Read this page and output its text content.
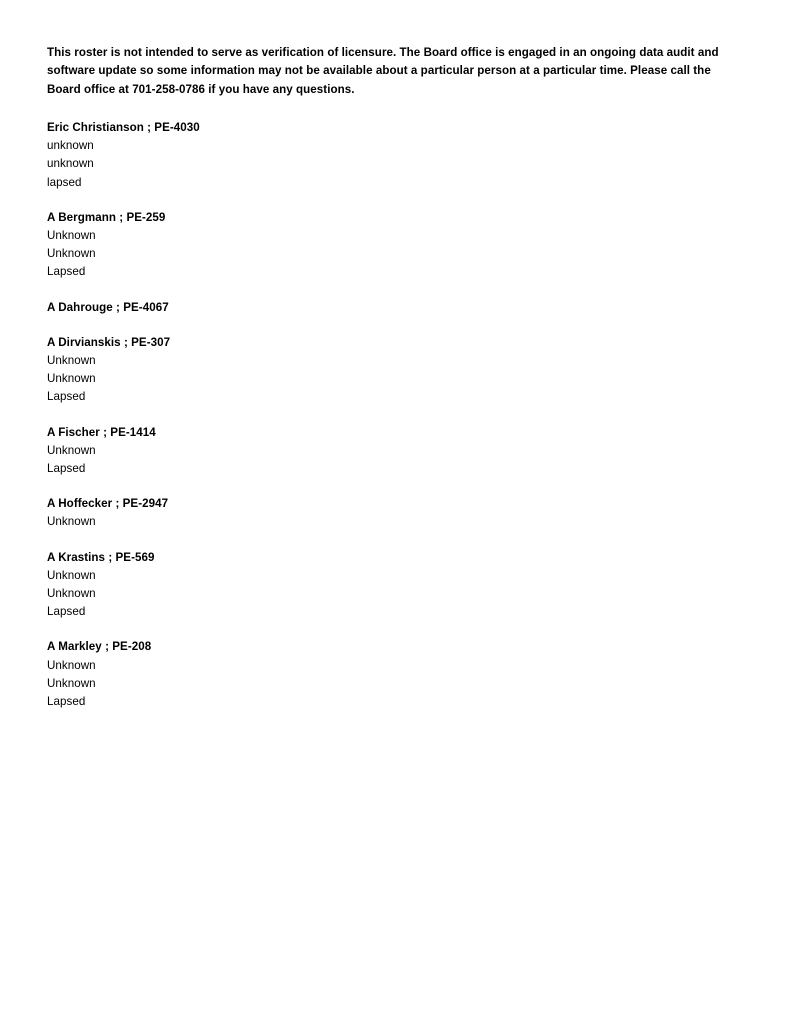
This roster is not intended to serve as verification of licensure. The Board office is engaged in an ongoing data audit and software update so some information may not be available about a particular person at a particular time. Please call the Board office at 701-258-0786 if you have any questions.

Eric Christianson ; PE-4030
unknown
unknown
lapsed
A Bergmann ; PE-259
Unknown
Unknown
Lapsed
A Dahrouge ; PE-4067
A Dirvianskis ; PE-307
Unknown
Unknown
Lapsed
A Fischer ; PE-1414
Unknown
Lapsed
A Hoffecker ; PE-2947
Unknown
A Krastins ; PE-569
Unknown
Unknown
Lapsed
A Markley ; PE-208
Unknown
Unknown
Lapsed
